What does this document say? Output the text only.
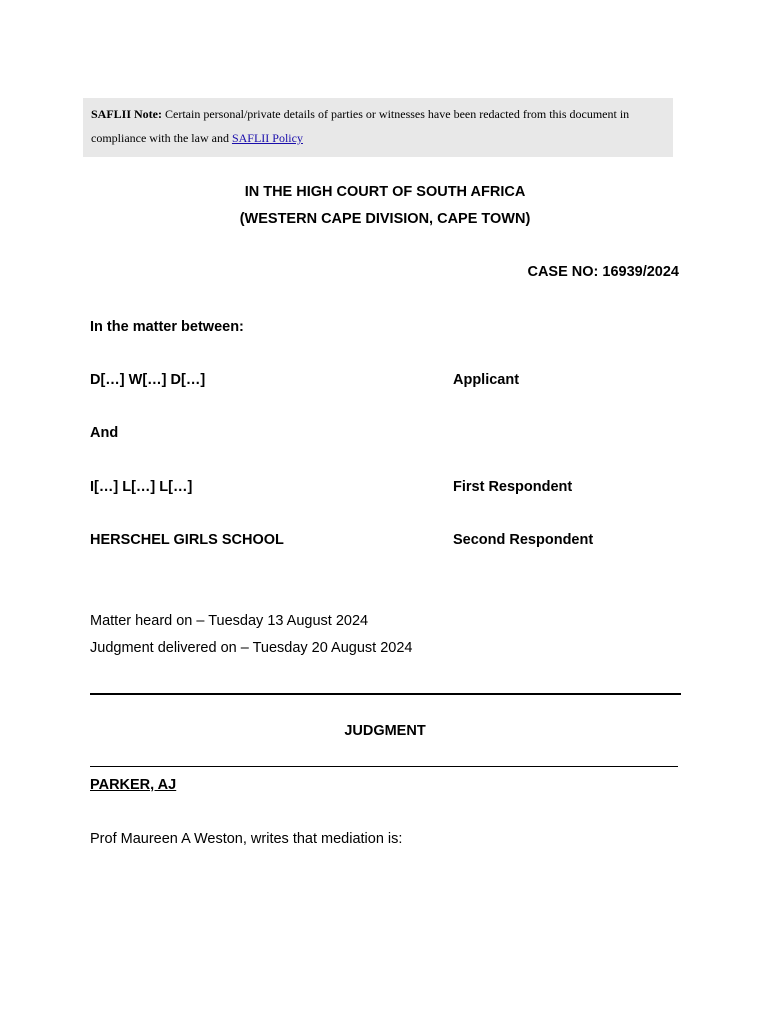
SAFLII Note: Certain personal/private details of parties or witnesses have been redacted from this document in compliance with the law and SAFLII Policy
IN THE HIGH COURT OF SOUTH AFRICA
(WESTERN CAPE DIVISION, CAPE TOWN)
CASE NO: 16939/2024
In the matter between:
D[…] W[…] D[…]	Applicant
And
I[…] L[…] L[…]	First Respondent
HERSCHEL GIRLS SCHOOL	Second Respondent
Matter heard on – Tuesday 13 August 2024
Judgment delivered on – Tuesday 20 August 2024
JUDGMENT
PARKER, AJ
Prof Maureen A Weston, writes that mediation is:
